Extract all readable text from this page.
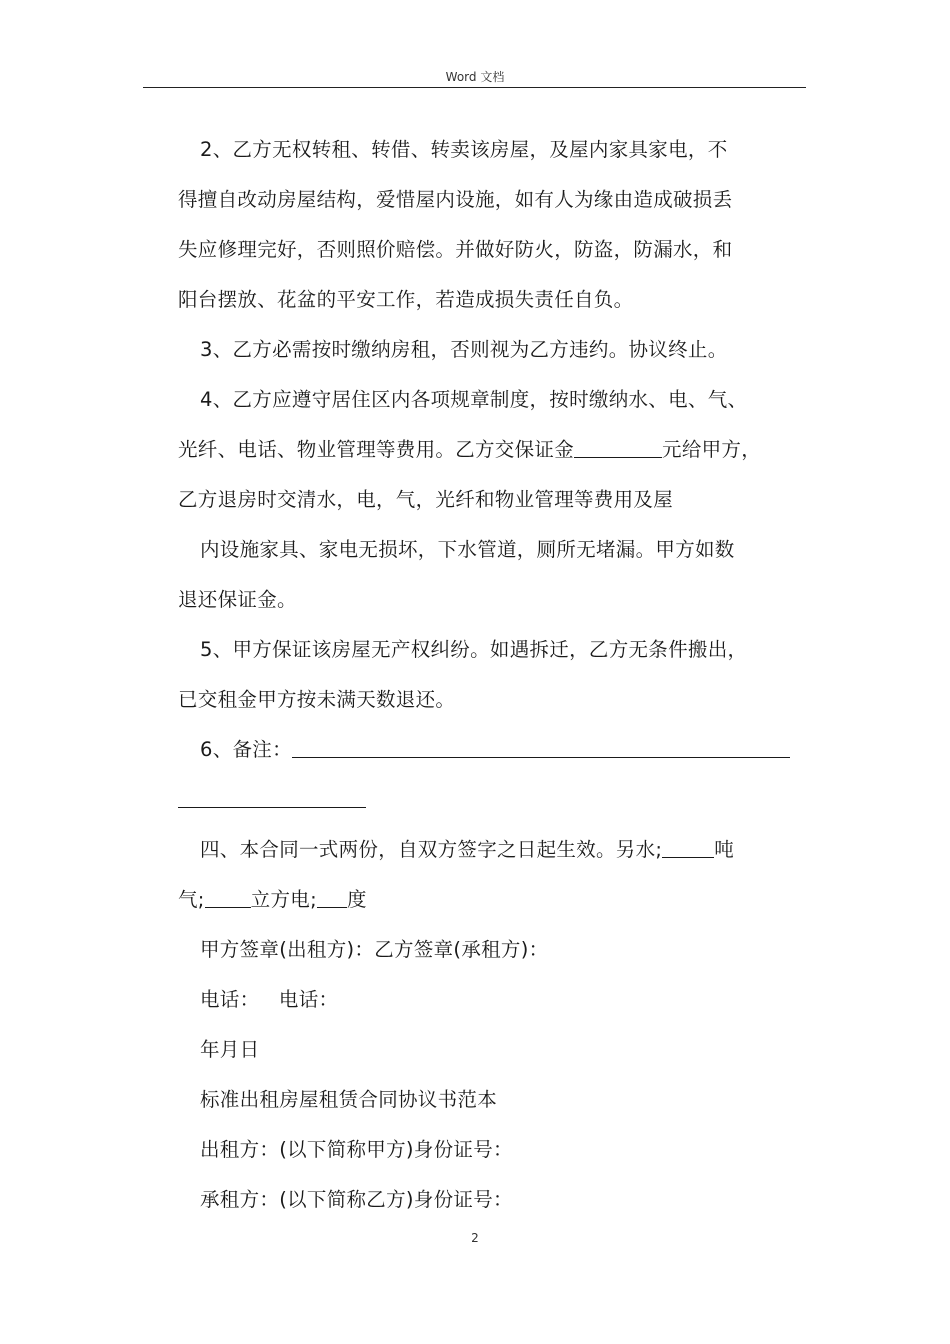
Word 文档
2、乙方无权转租、转借、转卖该房屋，及屋内家具家电，不
得擅自改动房屋结构，爱惜屋内设施，如有人为缘由造成破损丢
失应修理完好，否则照价赔偿。并做好防火，防盗，防漏水，和
阳台摆放、花盆的平安工作，若造成损失责任自负。
3、乙方必需按时缴纳房租，否则视为乙方违约。协议终止。
4、乙方应遵守居住区内各项规章制度，按时缴纳水、电、气、
光纤、电话、物业管理等费用。乙方交保证金	元给甲方，
乙方退房时交清水，电，气，光纤和物业管理等费用及屋
内设施家具、家电无损坏，下水管道，厕所无堵漏。甲方如数
退还保证金。
5、甲方保证该房屋无产权纠纷。如遇拆迁，乙方无条件搬出，
已交租金甲方按未满天数退还。
6、备注：
四、本合同一式两份，自双方签字之日起生效。另水;	吨
气; 立方电; 度
甲方签章(出租方)：乙方签章(承租方)：
电话：   电话：
年月日
标准出租房屋租赁合同协议书范本
出租方：(以下简称甲方)身份证号：
承租方：(以下简称乙方)身份证号：
2
